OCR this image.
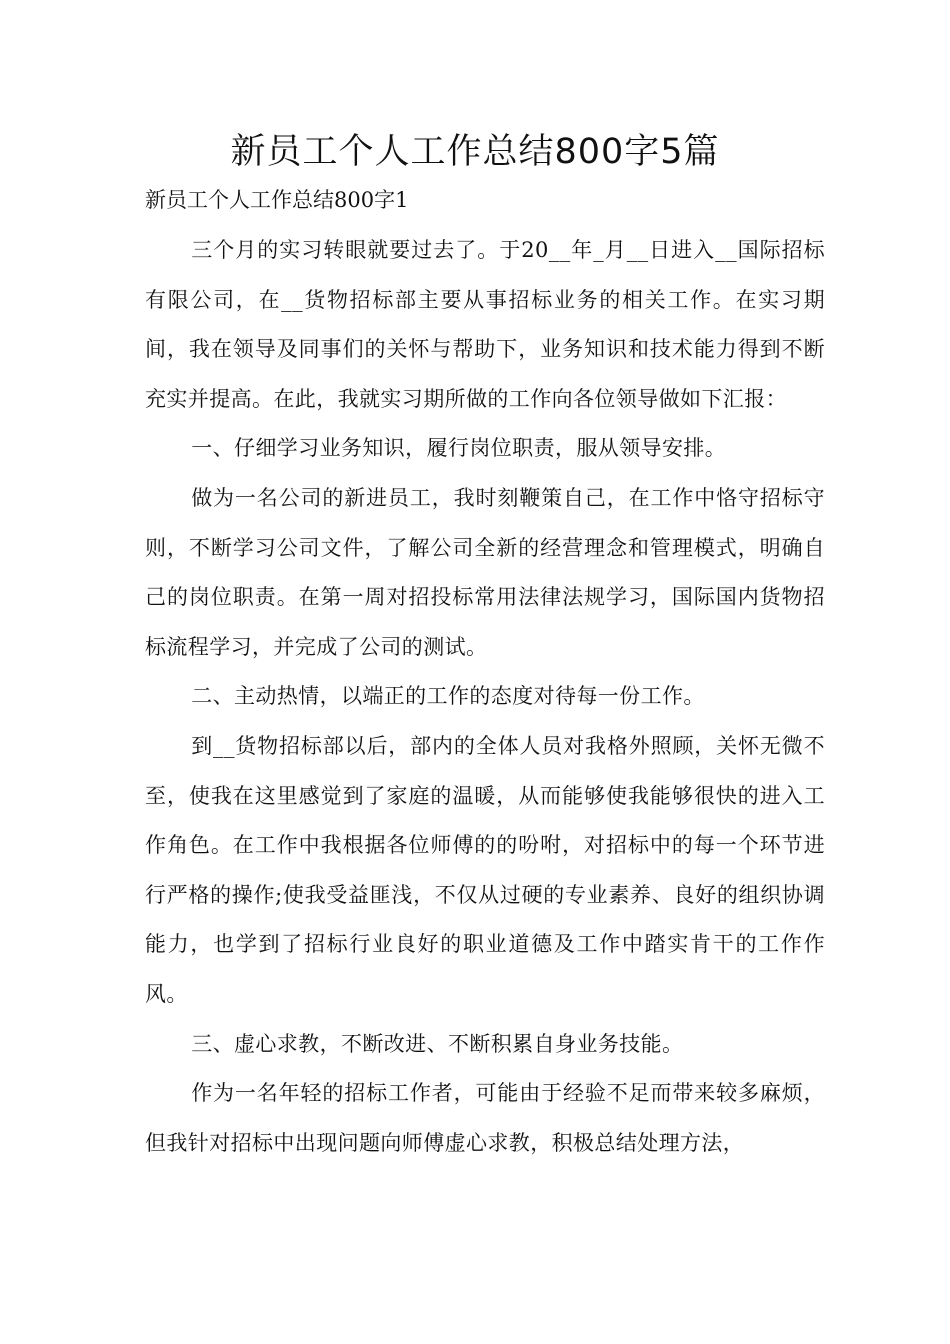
新员工个人工作总结800字5篇
新员工个人工作总结800字1

三个月的实习转眼就要过去了。于20__年_月__日进入__国际招标有限公司，在__货物招标部主要从事招标业务的相关工作。在实习期间，我在领导及同事们的关怀与帮助下，业务知识和技术能力得到不断充实并提高。在此，我就实习期所做的工作向各位领导做如下汇报：

一、仔细学习业务知识，履行岗位职责，服从领导安排。

做为一名公司的新进员工，我时刻鞭策自己，在工作中恪守招标守则，不断学习公司文件，了解公司全新的经营理念和管理模式，明确自己的岗位职责。在第一周对招投标常用法律法规学习，国际国内货物招标流程学习，并完成了公司的测试。

二、主动热情，以端正的工作的态度对待每一份工作。

到__货物招标部以后，部内的全体人员对我格外照顾，关怀无微不至，使我在这里感觉到了家庭的温暖，从而能够使我能够很快的进入工作角色。在工作中我根据各位师傅的的吩咐，对招标中的每一个环节进行严格的操作;使我受益匪浅，不仅从过硬的专业素养、良好的组织协调能力，也学到了招标行业良好的职业道德及工作中踏实肯干的工作作风。

三、虚心求教，不断改进、不断积累自身业务技能。

作为一名年轻的招标工作者，可能由于经验不足而带来较多麻烦，但我针对招标中出现问题向师傅虚心求教，积极总结处理方法，
